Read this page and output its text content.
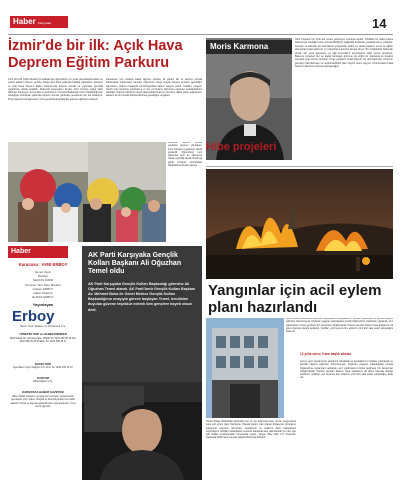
Haber Karşıyaka	14
İzmir'de bir ilk: Açık Hava Deprem Eğitim Parkuru
İzmir 112 Acil Çağrı Merkezi'nin katkılarıyla, öğrencilerin yer yerde gerçekleştirecekleri en yoksul ataların deprem yerinde olduğu açık hava parkurda tatbikat yaptıklarını gösteren ve Açık Hava Deprem Eğitim Parkuru'nda deprem anında ne yapılması gerektiği uygulamalı olarak anlatıldı. Parkurda Geleneksel Ev'den İzmir Kentine kadar farklı bölümler bulunuyor. Ayrıca Afet ve Acil Durum Yönetimi Başkanlığı İzmir İl Müdürlüğü'nün desteğiyle hazırlanan parkurda deprem anında yapılması gerekenler tek tek anlatılıyor. Proje kapsamında öğrenciler, İzmir genelindeki okullardan gelerek eğitimlere katılıyor.
İşaretlenen son noktaya kadar deprem çantası, ilk yardım kiti ve deprem anında kullanılacak malzemeler tanıtıldı. Öğrenciler hangi sırayla hareket etmeleri gerektiğini öğrenirken, parkuru başarıyla tamamlayanlara katılım belgesi verildi. Yetkililer, projenin İzmir'in tüm ilçelerine yayılmasını ve her yıl binlerce öğrenciye ulaşmayı hedeflediklerini belirttiler. Deprem bilincinin küçük yaşta kazanılmasının önemine dikkat çeken eğitmenler, ailelerin de bu konuda bilinçlendirilmesi gerektiğini vurguladı.
Parkurda deprem anında yapılması gereken çök-kapan-tutun hareketi uygulamalı olarak gösterildi. Öğrencilerin hem eğlenerek hem de öğrenerek zaman geçirdiği etkinlik büyük ilgi gördü. Program önümüzdeki haftalarda da devam edecek.
Moris Karmona
Hibe projeleri
Hibe Projeleri her türlü kar amacı gütmeyen kuruluşa açıktır. Özellikle bu hafta kısaca bahsetmek istediğim konu Avrupa Birliği'nin sağladığı fonlardan yararlanmanın yollarıdır. Gençler ve kadınlar için hazırlanan programlar, kültür ve sanat projeleri, çevre ve eğitim alanındaki çalışmalar her yıl milyonlarca avroluk destek alıyor. Bu fırsatlardan haberdar olmak için yerel ajansların ve ilgili kurumların duyurularını takip etmek gerekiyor. Başvuru süreçleri her ne kadar karmaşık görünse de doğru bir planlama ile başarılı sonuçlar elde etmek mümkün. Proje yazarken hedef kitlenin net tanımlanması, bütçenin gerçekçi hazırlanması ve sürdürülebilirlik planı büyük önem taşıyor. Önümüzdeki hafta başvuru takvimini sizlerle paylaşacağım.
Haber
Kurucusu : AVNİ ERBOY
Genel Yayın
Müdürü
SEÇKİN İĞDİR
Sorumlu Yazı İşleri Müdürü
Gülşen ERBOY
Haber Müdürü
ELMAS ERBOY
Yayınlayan
Erboy
Basın Yayın Reklam ve Pazarlama A.Ş.
YÖNETİM YERİ ve HABER MERKEZİ
1649 Sokak No: 34 Karşıyaka / İZMİR Tel: 0232 368 45 45 Fax: 0232 368 45 46 Reklam Tel: 0232 368 45 47
BASKI YERİ
Ege Basın Yayın Dağıtım A.Ş. İzmir Tel: 0232 435 10 10
DAĞITIM
Birlik Dağıtım A.Ş.
KARŞIYAKA HABER GAZETESİ
Basın Ahlak Yasasına uymaya söz vermiştir. Gazetemizde yayınlanan yazı, haber, fotoğraf ve illüstrasyonların her hakkı saklıdır. İzinsiz ve kaynak gösterilmeden yayınlanamaz. Yerel süreli yayındır.
AK Parti Karşıyaka Gençlik Kolları Başkanı Ali Oğuzhan Temel oldu
AK Parti Karşıyaka Gençlik Kolları Başkanlığı görevine Ali Oğuzhan Temel atandı. AK Parti İzmir Gençlik Kolları Başkanı Av. Mehmet Buka ile Genel Merkez Gençlik Kolları Başkanlığının onayıyla göreve başlayan Temel, kendisine duyulan güvene teşekkür ederek tüm gençlere hayırlı olsun dedi.
Yangınlar için acil eylem planı hazırlandı
Orman Bölge Müdürlüğü tarafından her yıl yaz aylarında artan orman yangınlarına karşı acil eylem planı hazırlandı. Planda yangın riski yüksek bölgelerde gözetleme kulelerinin sayısının artırılması, arazözlerin ve ekiplerin hazır bekletilmesi öngörülüyor. Yetkililer vatandaşları ormanlık alanlarda ateş yakmamaları ve cam şişe gibi atıkları bırakmamaları konusunda uyardı. Yangın ihbar hattı 177 üzerinden yapılacak bildirimlerin anında değerlendirileceği belirtildi.
Ayrıca yerel yönetimlerle koordineli çalışılarak su kaynaklarının haritası çıkarılacak ve gönüllü itfaiyeci eğitimleri düzenlenecek. Köylerde yaşayan vatandaşlara yönelik bilgilendirme toplantıları yapılacak, anız yakılmasının önüne geçilmesi için denetimler sıklaştırılacak. Haziran ayından itibaren hava araçlarının da görev başında olacağı açıklandı. Yetkililer, yaz boyunca tüm ekiplerin yirmi dört saat esaslı çalışacağını ifade etti.
12 yıllık süreç 3 ana başlık altında
Ayrıca yerel yönetimlerle koordineli çalışılarak su kaynaklarının haritası çıkarılacak ve gönüllü itfaiyeci eğitimleri düzenlenecek. Köylerde yaşayan vatandaşlara yönelik bilgilendirme toplantıları yapılacak, anız yakılmasının önüne geçilmesi için denetimler sıklaştırılacak. Haziran ayından itibaren hava araçlarının da görev başında olacağı açıklandı. Yetkililer, yaz boyunca tüm ekiplerin yirmi dört saat esaslı çalışacağını ifade etti.
